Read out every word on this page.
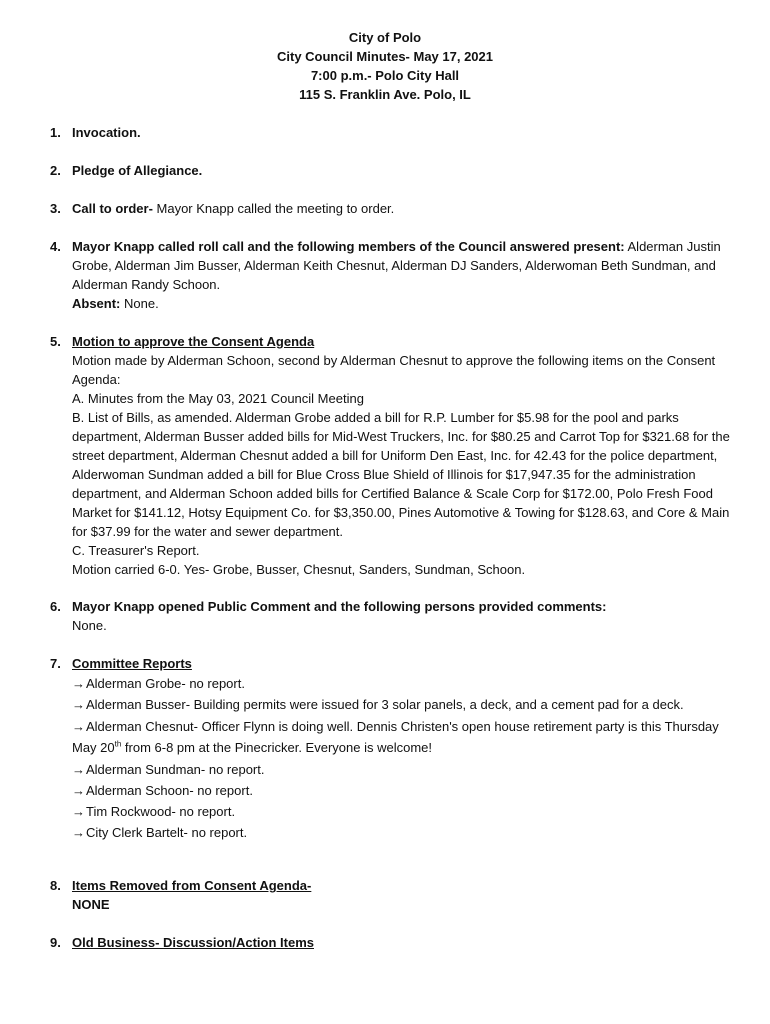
City of Polo
City Council Minutes- May 17, 2021
7:00 p.m.- Polo City Hall
115 S. Franklin Ave. Polo, IL
1. Invocation.
2. Pledge of Allegiance.
3. Call to order- Mayor Knapp called the meeting to order.
4. Mayor Knapp called roll call and the following members of the Council answered present: Alderman Justin Grobe, Alderman Jim Busser, Alderman Keith Chesnut, Alderman DJ Sanders, Alderwoman Beth Sundman, and Alderman Randy Schoon.
Absent: None.
5. Motion to approve the Consent Agenda
Motion made by Alderman Schoon, second by Alderman Chesnut to approve the following items on the Consent Agenda:
A. Minutes from the May 03, 2021 Council Meeting
B. List of Bills, as amended. Alderman Grobe added a bill for R.P. Lumber for $5.98 for the pool and parks department, Alderman Busser added bills for Mid-West Truckers, Inc. for $80.25 and Carrot Top for $321.68 for the street department, Alderman Chesnut added a bill for Uniform Den East, Inc. for 42.43 for the police department, Alderwoman Sundman added a bill for Blue Cross Blue Shield of Illinois for $17,947.35 for the administration department, and Alderman Schoon added bills for Certified Balance & Scale Corp for $172.00, Polo Fresh Food Market for $141.12, Hotsy Equipment Co. for $3,350.00, Pines Automotive & Towing for $128.63, and Core & Main for $37.99 for the water and sewer department.
C. Treasurer's Report.
Motion carried 6-0. Yes- Grobe, Busser, Chesnut, Sanders, Sundman, Schoon.
6. Mayor Knapp opened Public Comment and the following persons provided comments:
None.
7. Committee Reports
→Alderman Grobe- no report.
→Alderman Busser- Building permits were issued for 3 solar panels, a deck, and a cement pad for a deck.
→Alderman Chesnut- Officer Flynn is doing well. Dennis Christen's open house retirement party is this Thursday May 20th from 6-8 pm at the Pinecricker. Everyone is welcome!
→Alderman Sundman- no report.
→Alderman Schoon- no report.
→Tim Rockwood- no report.
→City Clerk Bartelt- no report.
8. Items Removed from Consent Agenda-
NONE
9. Old Business- Discussion/Action Items
